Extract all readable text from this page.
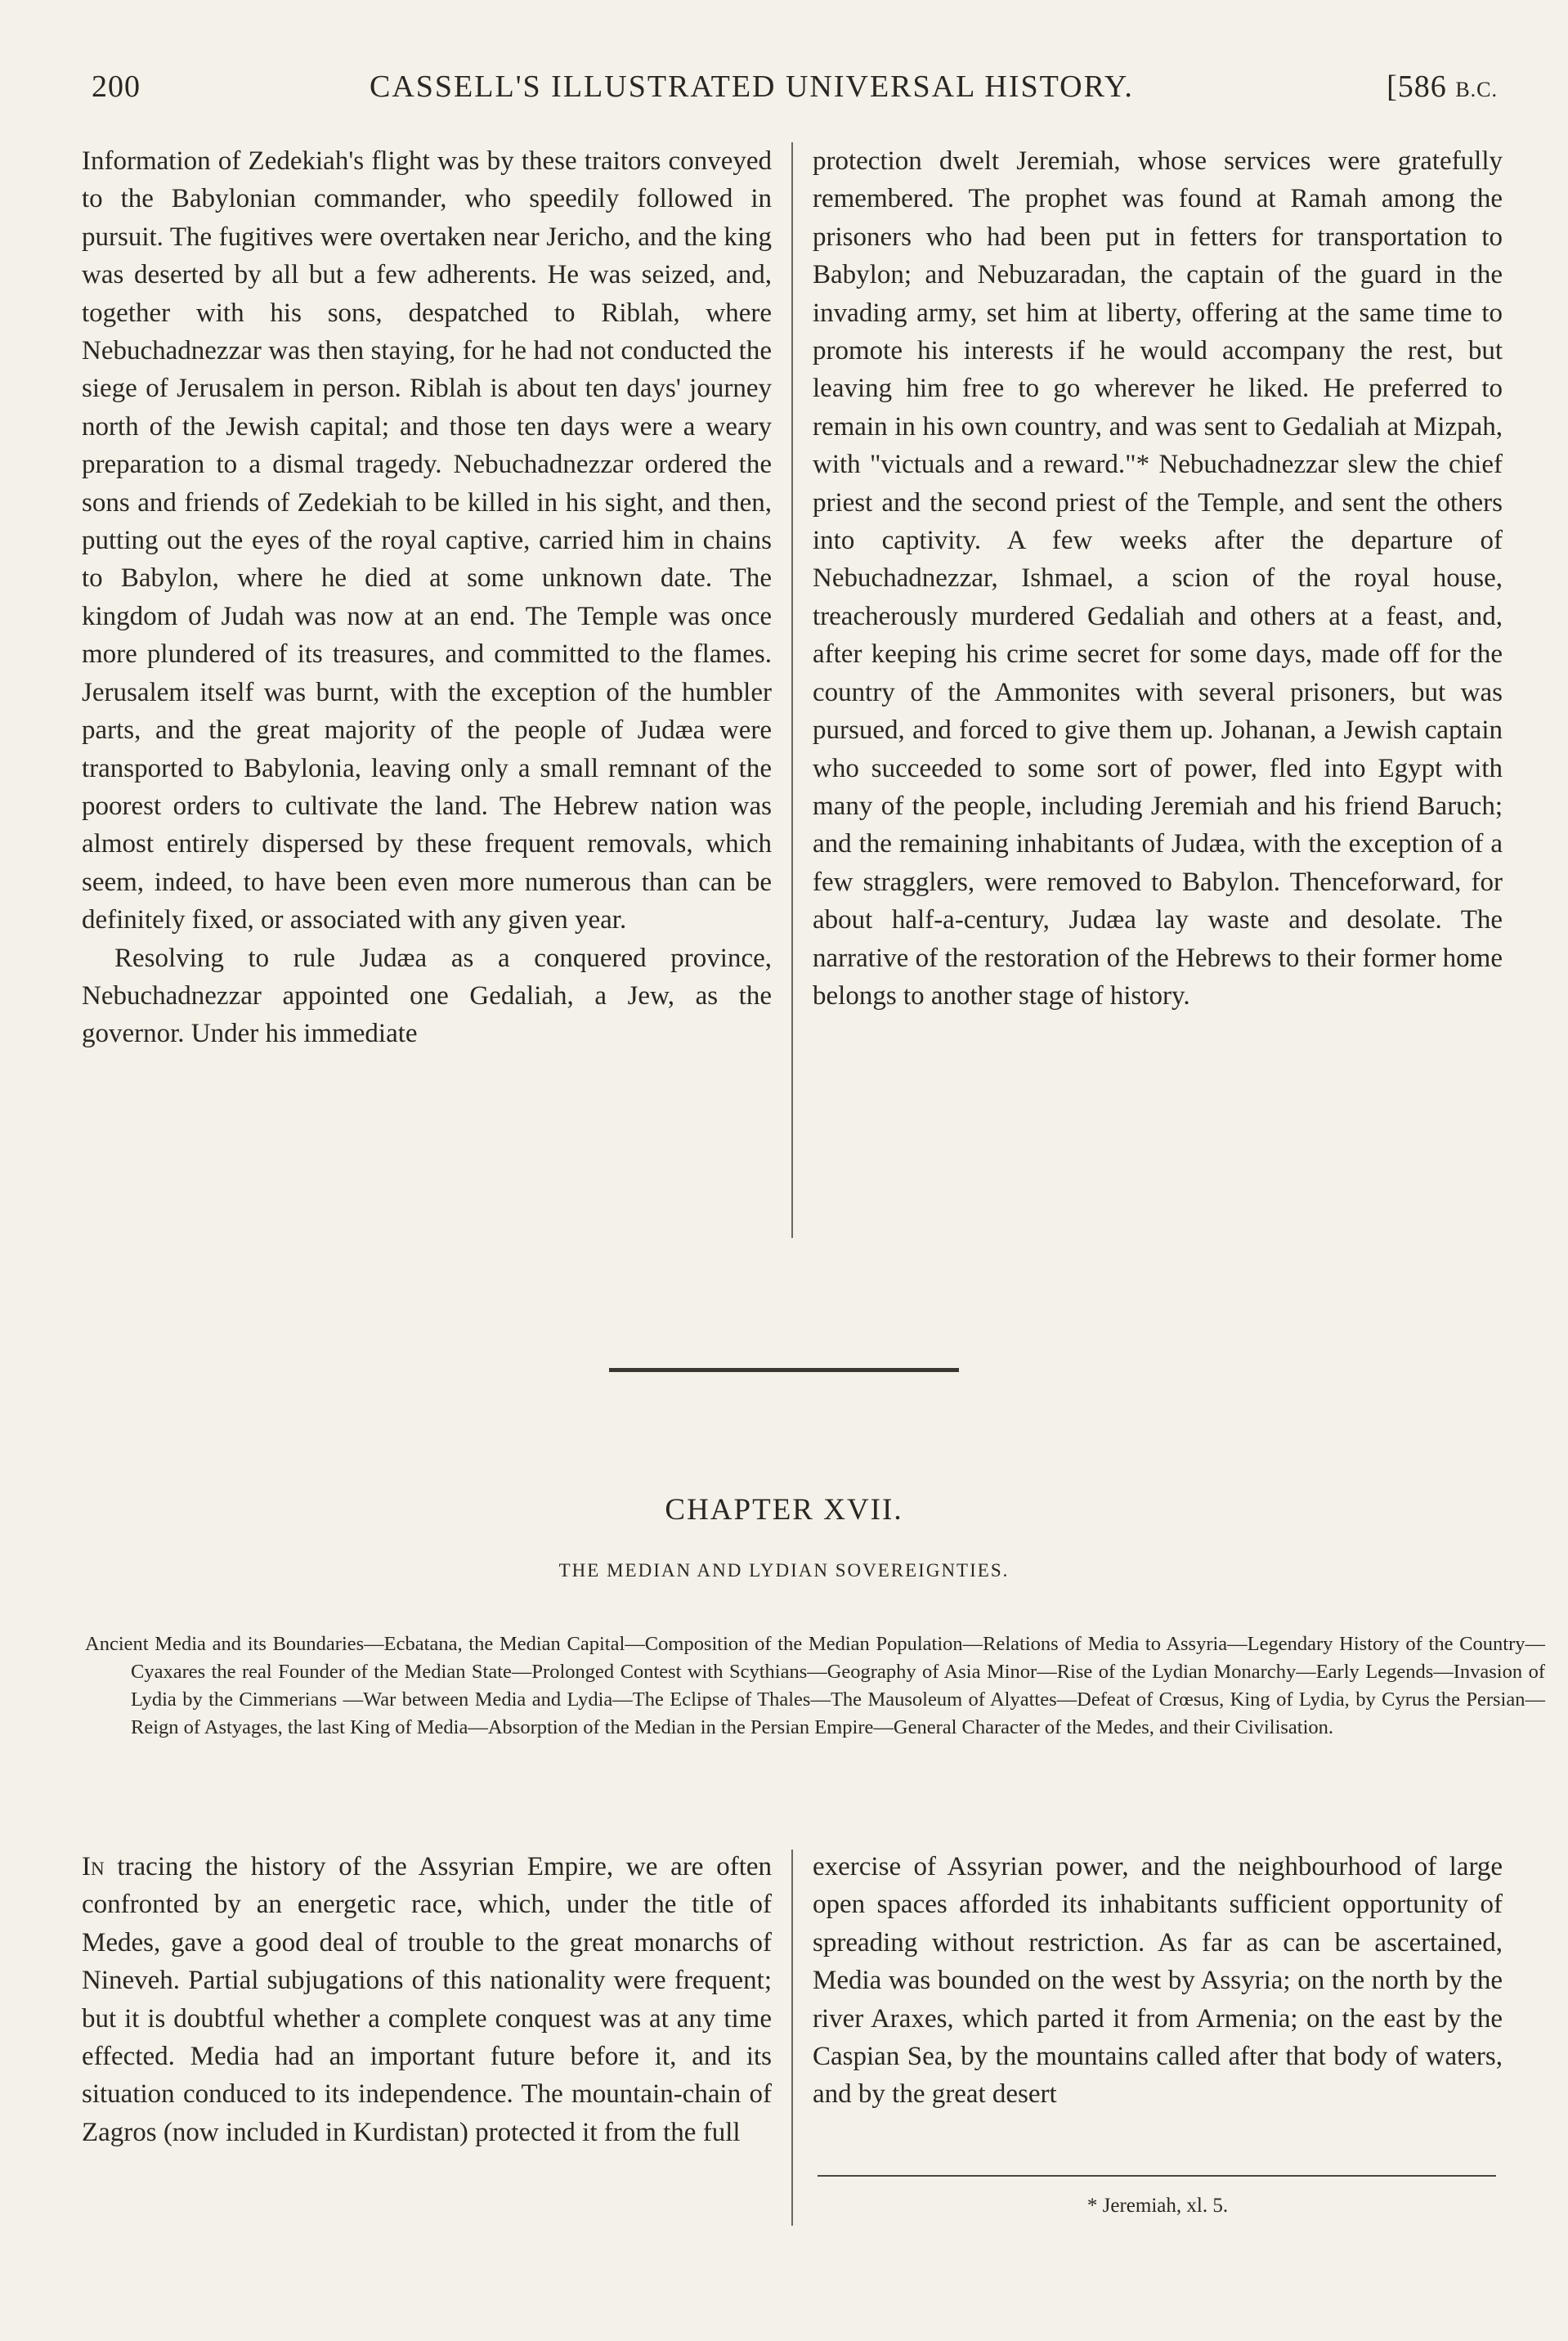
200	CASSELL'S ILLUSTRATED UNIVERSAL HISTORY.	[586 B.C.

Information of Zedekiah's flight was by these traitors conveyed to the Babylonian commander, who speedily followed in pursuit. The fugitives were overtaken near Jericho, and the king was deserted by all but a few adherents. He was seized, and, together with his sons, despatched to Riblah, where Nebuchadnezzar was then staying, for he had not conducted the siege of Jerusalem in person. Riblah is about ten days' journey north of the Jewish capital; and those ten days were a weary preparation to a dismal tragedy. Nebuchadnezzar ordered the sons and friends of Zedekiah to be killed in his sight, and then, putting out the eyes of the royal captive, carried him in chains to Babylon, where he died at some unknown date. The kingdom of Judah was now at an end. The Temple was once more plundered of its treasures, and committed to the flames. Jerusalem itself was burnt, with the exception of the humbler parts, and the great majority of the people of Judæa were transported to Babylonia, leaving only a small remnant of the poorest orders to cultivate the land. The Hebrew nation was almost entirely dispersed by these frequent removals, which seem, indeed, to have been even more numerous than can be definitely fixed, or associated with any given year.

Resolving to rule Judæa as a conquered province, Nebuchadnezzar appointed one Gedaliah, a Jew, as the governor. Under his immediate

protection dwelt Jeremiah, whose services were gratefully remembered. The prophet was found at Ramah among the prisoners who had been put in fetters for transportation to Babylon; and Nebuzaradan, the captain of the guard in the invading army, set him at liberty, offering at the same time to promote his interests if he would accompany the rest, but leaving him free to go wherever he liked. He preferred to remain in his own country, and was sent to Gedaliah at Mizpah, with "victuals and a reward."* Nebuchadnezzar slew the chief priest and the second priest of the Temple, and sent the others into captivity. A few weeks after the departure of Nebuchadnezzar, Ishmael, a scion of the royal house, treacherously murdered Gedaliah and others at a feast, and, after keeping his crime secret for some days, made off for the country of the Ammonites with several prisoners, but was pursued, and forced to give them up. Johanan, a Jewish captain who succeeded to some sort of power, fled into Egypt with many of the people, including Jeremiah and his friend Baruch; and the remaining inhabitants of Judæa, with the exception of a few stragglers, were removed to Babylon. Thenceforward, for about half-a-century, Judæa lay waste and desolate. The narrative of the restoration of the Hebrews to their former home belongs to another stage of history.

CHAPTER XVII.
THE MEDIAN AND LYDIAN SOVEREIGNTIES.
Ancient Media and its Boundaries—Ecbatana, the Median Capital—Composition of the Median Population—Relations of Media to Assyria—Legendary History of the Country—Cyaxares the real Founder of the Median State—Prolonged Contest with Scythians—Geography of Asia Minor—Rise of the Lydian Monarchy—Early Legends—Invasion of Lydia by the Cimmerians —War between Media and Lydia—The Eclipse of Thales—The Mausoleum of Alyattes—Defeat of Crœsus, King of Lydia, by Cyrus the Persian—Reign of Astyages, the last King of Media—Absorption of the Median in the Persian Empire—General Character of the Medes, and their Civilisation.

In tracing the history of the Assyrian Empire, we are often confronted by an energetic race, which, under the title of Medes, gave a good deal of trouble to the great monarchs of Nineveh. Partial subjugations of this nationality were frequent; but it is doubtful whether a complete conquest was at any time effected. Media had an important future before it, and its situation conduced to its independence. The mountain-chain of Zagros (now included in Kurdistan) protected it from the full

exercise of Assyrian power, and the neighbourhood of large open spaces afforded its inhabitants sufficient opportunity of spreading without restriction. As far as can be ascertained, Media was bounded on the west by Assyria; on the north by the river Araxes, which parted it from Armenia; on the east by the Caspian Sea, by the mountains called after that body of waters, and by the great desert

* Jeremiah, xl. 5.
